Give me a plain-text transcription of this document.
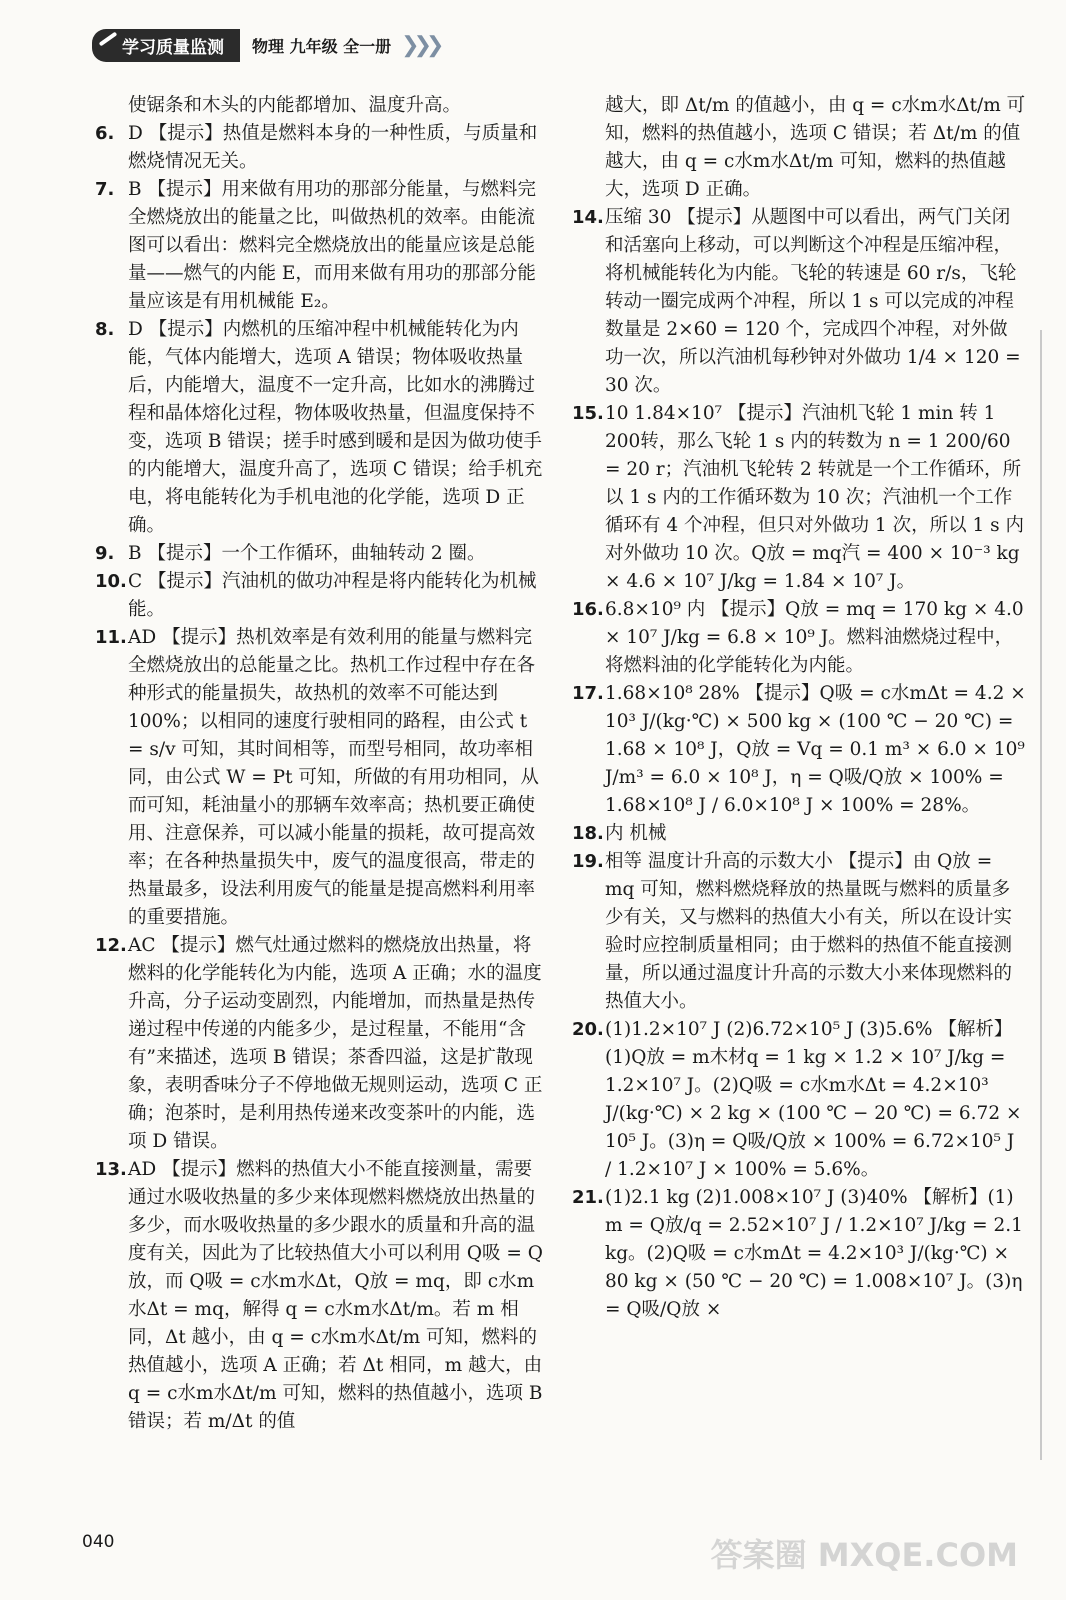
学习质量监测	物理 九年级 全一册 ❯❯❯
使锯条和木头的内能都增加、温度升高。
6. D 【提示】热值是燃料本身的一种性质，与质量和燃烧情况无关。
7. B 【提示】用来做有用功的那部分能量，与燃料完全燃烧放出的能量之比，叫做热机的效率。由能流图可以看出：燃料完全燃烧放出的能量应该是总能量——燃气的内能 E，而用来做有用功的那部分能量应该是有用机械能 E₂。
8. D 【提示】内燃机的压缩冲程中机械能转化为内能，气体内能增大，选项 A 错误；物体吸收热量后，内能增大，温度不一定升高，比如水的沸腾过程和晶体熔化过程，物体吸收热量，但温度保持不变，选项 B 错误；搓手时感到暖和是因为做功使手的内能增大，温度升高了，选项 C 错误；给手机充电，将电能转化为手机电池的化学能，选项 D 正确。
9. B 【提示】一个工作循环，曲轴转动 2 圈。
10. C 【提示】汽油机的做功冲程是将内能转化为机械能。
11. AD 【提示】热机效率是有效利用的能量与燃料完全燃烧放出的总能量之比。热机工作过程中存在各种形式的能量损失，故热机的效率不可能达到 100%；以相同的速度行驶相同的路程，由公式 t = s/v 可知，其时间相等，而型号相同，故功率相同，由公式 W = Pt 可知，所做的有用功相同，从而可知，耗油量小的那辆车效率高；热机要正确使用、注意保养，可以减小能量的损耗，故可提高效率；在各种热量损失中，废气的温度很高，带走的热量最多，设法利用废气的能量是提高燃料利用率的重要措施。
12. AC 【提示】燃气灶通过燃料的燃烧放出热量，将燃料的化学能转化为内能，选项 A 正确；水的温度升高，分子运动变剧烈，内能增加，而热量是热传递过程中传递的内能多少，是过程量，不能用“含有”来描述，选项 B 错误；茶香四溢，这是扩散现象，表明香味分子不停地做无规则运动，选项 C 正确；泡茶时，是利用热传递来改变茶叶的内能，选项 D 错误。
13. AD 【提示】燃料的热值大小不能直接测量，需要通过水吸收热量的多少来体现燃料燃烧放出热量的多少，而水吸收热量的多少跟水的质量和升高的温度有关，因此为了比较热值大小可以利用 Q吸 = Q放，而 Q吸 = c水m水Δt，Q放 = mq，即 c水m水Δt = mq，解得 q = c水m水Δt/m。若 m 相同，Δt 越小，由 q = c水m水Δt/m 可知，燃料的热值越小，选项 A 正确；若 Δt 相同，m 越大，由 q = c水m水Δt/m 可知，燃料的热值越小，选项 B 错误；若 m/Δt 的值
越大，即 Δt/m 的值越小，由 q = c水m水Δt/m 可知，燃料的热值越小，选项 C 错误；若 Δt/m 的值越大，由 q = c水m水Δt/m 可知，燃料的热值越大，选项 D 正确。
14. 压缩 30 【提示】从题图中可以看出，两气门关闭和活塞向上移动，可以判断这个冲程是压缩冲程，将机械能转化为内能。飞轮的转速是 60 r/s，飞轮转动一圈完成两个冲程，所以 1 s 可以完成的冲程数量是 2×60 = 120 个，完成四个冲程，对外做功一次，所以汽油机每秒钟对外做功 1/4 × 120 = 30 次。
15. 10 1.84×10⁷ 【提示】汽油机飞轮 1 min 转 1 200转，那么飞轮 1 s 内的转数为 n = 1 200/60 = 20 r；汽油机飞轮转 2 转就是一个工作循环，所以 1 s 内的工作循环数为 10 次；汽油机一个工作循环有 4 个冲程，但只对外做功 1 次，所以 1 s 内对外做功 10 次。Q放 = mq汽 = 400 × 10⁻³ kg × 4.6 × 10⁷ J/kg = 1.84 × 10⁷ J。
16. 6.8×10⁹ 内 【提示】Q放 = mq = 170 kg × 4.0 × 10⁷ J/kg = 6.8 × 10⁹ J。燃料油燃烧过程中，将燃料油的化学能转化为内能。
17. 1.68×10⁸ 28% 【提示】Q吸 = c水mΔt = 4.2 × 10³ J/(kg·℃) × 500 kg × (100 ℃ − 20 ℃) = 1.68 × 10⁸ J，Q放 = Vq = 0.1 m³ × 6.0 × 10⁹ J/m³ = 6.0 × 10⁸ J，η = Q吸/Q放 × 100% = 1.68×10⁸ J / 6.0×10⁸ J × 100% = 28%。
18. 内 机械
19. 相等 温度计升高的示数大小 【提示】由 Q放 = mq 可知，燃料燃烧释放的热量既与燃料的质量多少有关，又与燃料的热值大小有关，所以在设计实验时应控制质量相同；由于燃料的热值不能直接测量，所以通过温度计升高的示数大小来体现燃料的热值大小。
20. (1)1.2×10⁷ J (2)6.72×10⁵ J (3)5.6% 【解析】(1)Q放 = m木材q = 1 kg × 1.2 × 10⁷ J/kg = 1.2×10⁷ J。(2)Q吸 = c水m水Δt = 4.2×10³ J/(kg·℃) × 2 kg × (100 ℃ − 20 ℃) = 6.72 × 10⁵ J。(3)η = Q吸/Q放 × 100% = 6.72×10⁵ J / 1.2×10⁷ J × 100% = 5.6%。
21. (1)2.1 kg (2)1.008×10⁷ J (3)40% 【解析】(1) m = Q放/q = 2.52×10⁷ J / 1.2×10⁷ J/kg = 2.1 kg。(2)Q吸 = c水mΔt = 4.2×10³ J/(kg·℃) × 80 kg × (50 ℃ − 20 ℃) = 1.008×10⁷ J。(3)η = Q吸/Q放 ×
040	答案圈 MXQE.COM
